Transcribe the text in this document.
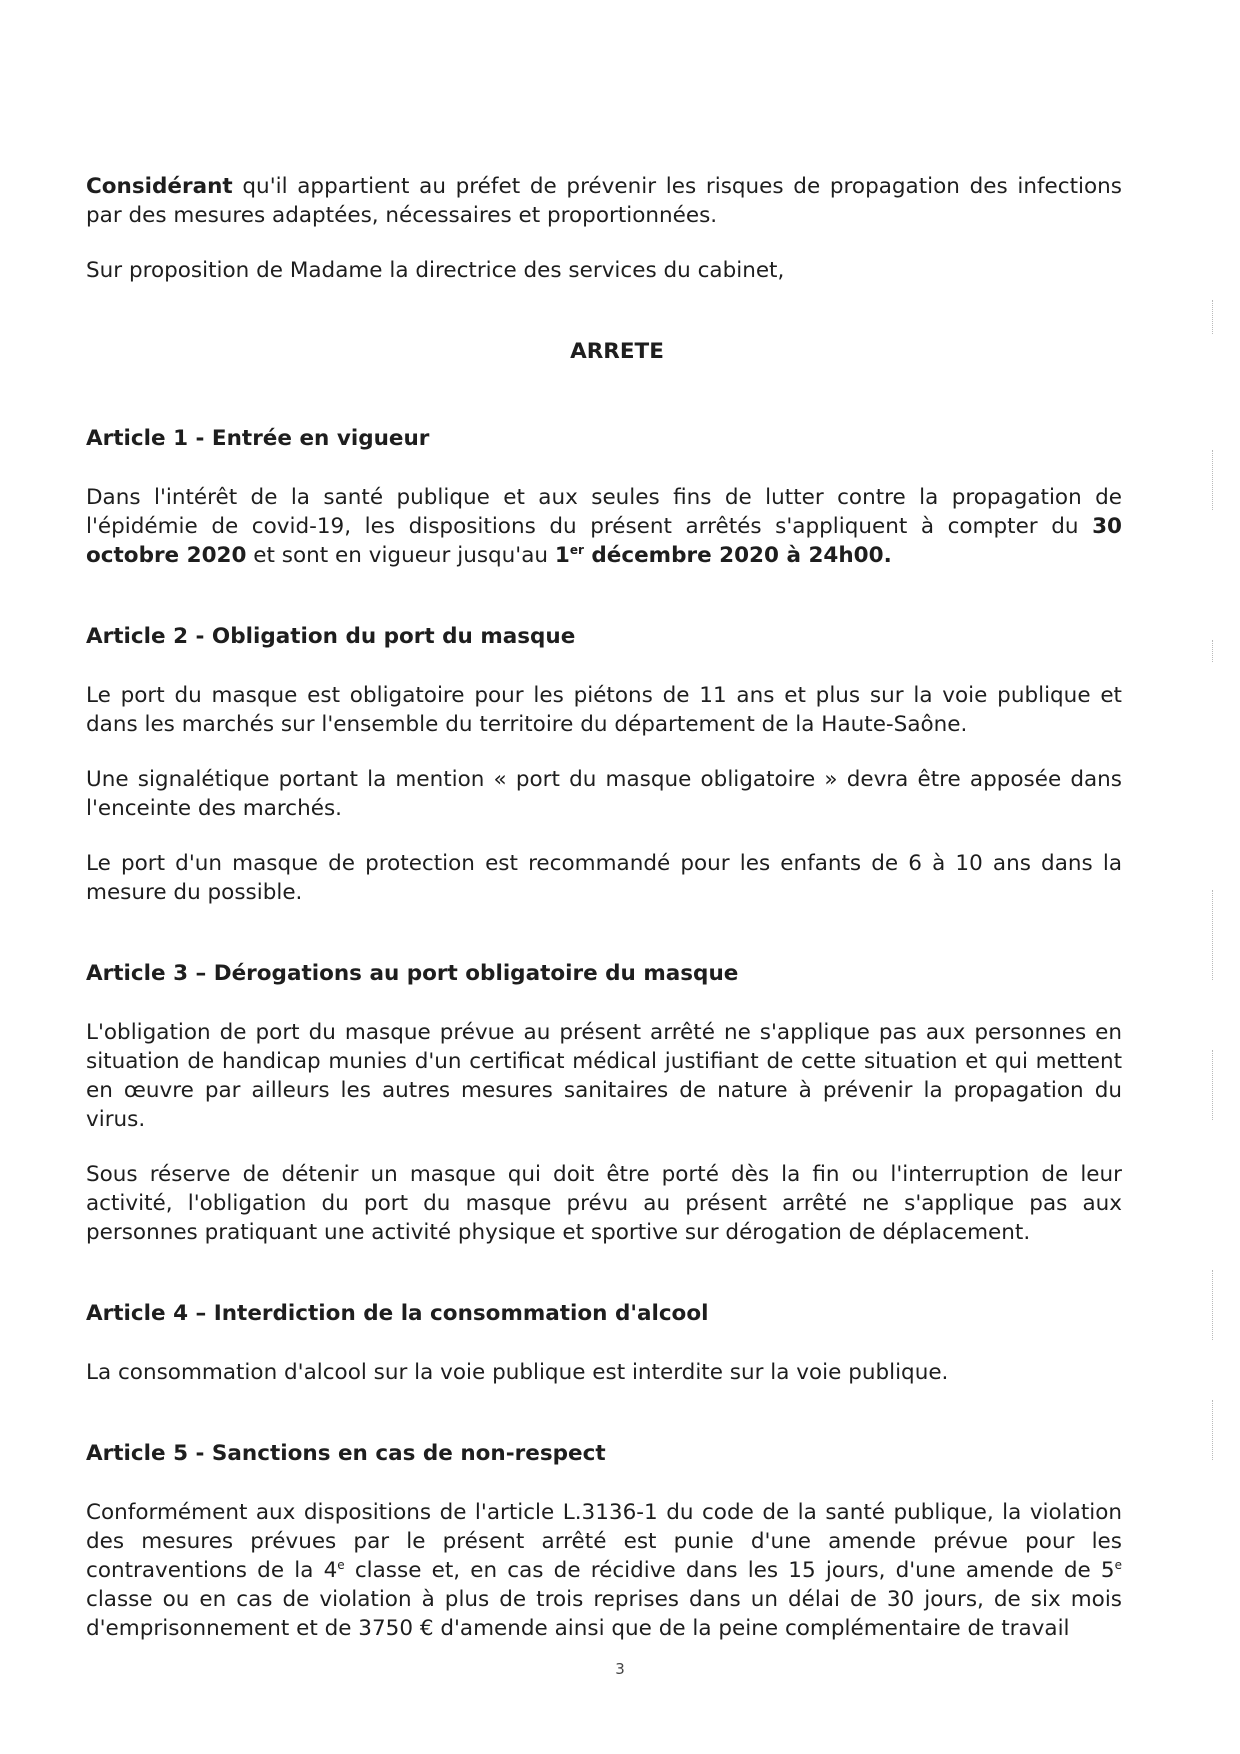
Considérant qu'il appartient au préfet de prévenir les risques de propagation des infections par des mesures adaptées, nécessaires et proportionnées.

Sur proposition de Madame la directrice des services du cabinet,

ARRETE
Article 1 - Entrée en vigueur

Dans l'intérêt de la santé publique et aux seules fins de lutter contre la propagation de l'épidémie de covid-19, les dispositions du présent arrêtés s'appliquent à compter du 30 octobre 2020 et sont en vigueur jusqu'au 1er décembre 2020 à 24h00.

Article 2 - Obligation du port du masque

Le port du masque est obligatoire pour les piétons de 11 ans et plus sur la voie publique et dans les marchés sur l'ensemble du territoire du département de la Haute-Saône.

Une signalétique portant la mention « port du masque obligatoire » devra être apposée dans l'enceinte des marchés.

Le port d'un masque de protection est recommandé pour les enfants de 6 à 10 ans dans la mesure du possible.

Article 3 – Dérogations au port obligatoire du masque

L'obligation de port du masque prévue au présent arrêté ne s'applique pas aux personnes en situation de handicap munies d'un certificat médical justifiant de cette situation et qui mettent en œuvre par ailleurs les autres mesures sanitaires de nature à prévenir la propagation du virus.

Sous réserve de détenir un masque qui doit être porté dès la fin ou l'interruption de leur activité, l'obligation du port du masque prévu au présent arrêté ne s'applique pas aux personnes pratiquant une activité physique et sportive sur dérogation de déplacement.

Article 4 – Interdiction de la consommation d'alcool

La consommation d'alcool sur la voie publique est interdite sur la voie publique.

Article 5 - Sanctions en cas de non-respect

Conformément aux dispositions de l'article L.3136-1 du code de la santé publique, la violation des mesures prévues par le présent arrêté est punie d'une amende prévue pour les contraventions de la 4e classe et, en cas de récidive dans les 15 jours, d'une amende de 5e classe ou en cas de violation à plus de trois reprises dans un délai de 30 jours, de six mois d'emprisonnement et de 3750 € d'amende ainsi que de la peine complémentaire de travail

3
